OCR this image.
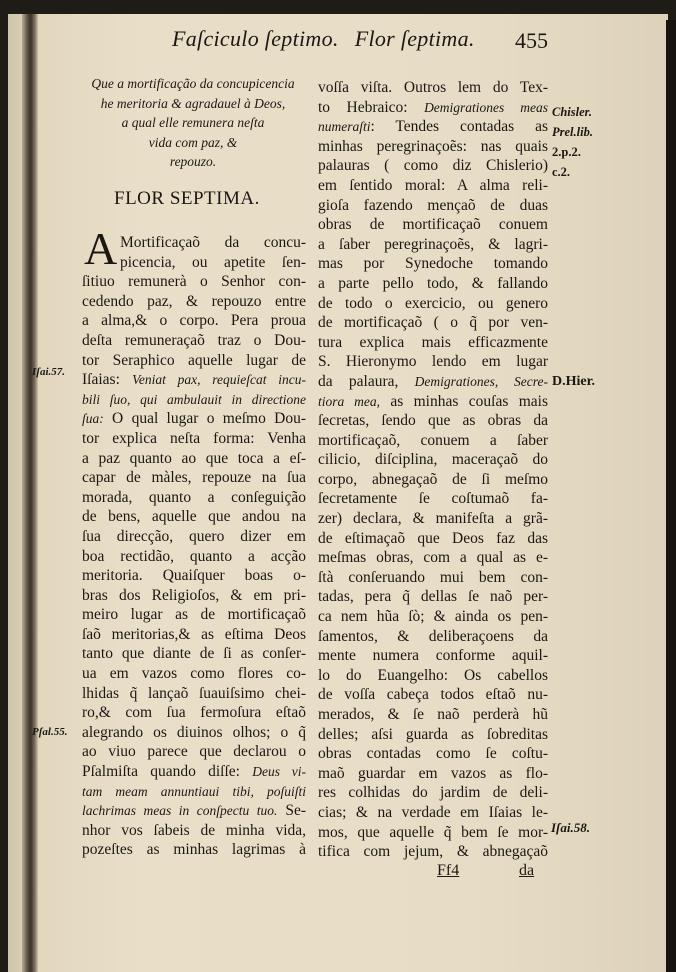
Faſciculo ſeptimo. Flor ſeptima. 455
Que a mortificação da concupicencia
he meritoria & agradauel à Deos,
a qual elle remunera neſta
vida com paz, &
repouzo.
FLOR SEPTIMA.
A Mortificaçaõ da concu-
picencia, ou apetite ſen-
ſitiuo remunerà o Senhor con-
cedendo paz, & repouzo entre
a alma,& o corpo. Pera proua
deſta remuneraçaõ traz o Dou-
tor Seraphico aquelle lugar de
Iſaias: Veniat pax, requieſcat incu-
bili ſuo, qui ambulauit in directione
ſua: O qual lugar o meſmo Dou-
tor explica neſta forma: Venha
a paz quanto ao que toca a eſ-
capar de màles, repouze na ſua
morada, quanto a conſeguição
de bens, aquelle que andou na
ſua direcção, quero dizer em
boa rectidão, quanto a acção
meritoria. Quaiſquer boas o-
bras dos Religioſos, & em pri-
meiro lugar as de mortificaçaõ
ſaõ meritorias,& as eſtima Deos
tanto que diante de ſi as conſer-
ua em vazos como flores co-
lhidas q̃ lançaõ ſuauiſsimo chei-
ro,& com ſua fermoſura eſtaõ
alegrando os diuinos olhos; o q̃
ao viuo parece que declarou o
Pſalmiſta quando diſſe: Deus vi-
tam meam annuntiaui tibi, poſuiſti
lachrimas meas in conſpectu tuo. Se-
nhor vos ſabeis de minha vida,
pozeſtes as minhas lagrimas à
voſſa viſta. Outros lem do Tex-
to Hebraico: Demigrationes meas
numeraſti: Tendes contadas as
minhas peregrinaçoẽs: nas quais
palauras ( como diz Chislerio)
em ſentido moral: A alma reli-
gioſa fazendo mençaõ de duas
obras de mortificaçaõ conuem
a ſaber peregrinaçoẽs, & lagri-
mas por Synedoche tomando
a parte pello todo, & fallando
de todo o exercicio, ou genero
de mortificaçaõ ( o q̃ por ven-
tura explica mais efficazmente
S. Hieronymo lendo em lugar
da palaura, Demigrationes, Secre-
tiora mea, as minhas couſas mais
ſecretas, ſendo que as obras da
mortificaçaõ, conuem a ſaber
cilicio, diſciplina, maceraçaõ do
corpo, abnegaçaõ de ſi meſmo
ſecretamente ſe coſtumaõ fa-
zer) declara, & manifeſta a grã-
de eſtimaçaõ que Deos faz das
meſmas obras, com a qual as e-
ſtà conſeruando mui bem con-
tadas, pera q̃ dellas ſe naõ per-
ca nem hũa ſò; & ainda os pen-
ſamentos, & deliberaçoens da
mente numera conforme aquil-
lo do Euangelho: Os cabellos
de voſſa cabeça todos eſtaõ nu-
merados, & ſe naõ perderà hũ
delles; aſsi guarda as ſobreditas
obras contadas como ſe coſtu-
maõ guardar em vazos as flo-
res colhidas do jardim de deli-
cias; & na verdade em Iſaias le-
mos, que aquelle q̃ bem ſe mor-
tifica com jejum, & abnegaçaõ
Chisler.
Prel.lib.
2.p.2.
c.2.
Iſai.57.
D.Hier.
Pſal.55.
Iſai.58.
Ff4	da
